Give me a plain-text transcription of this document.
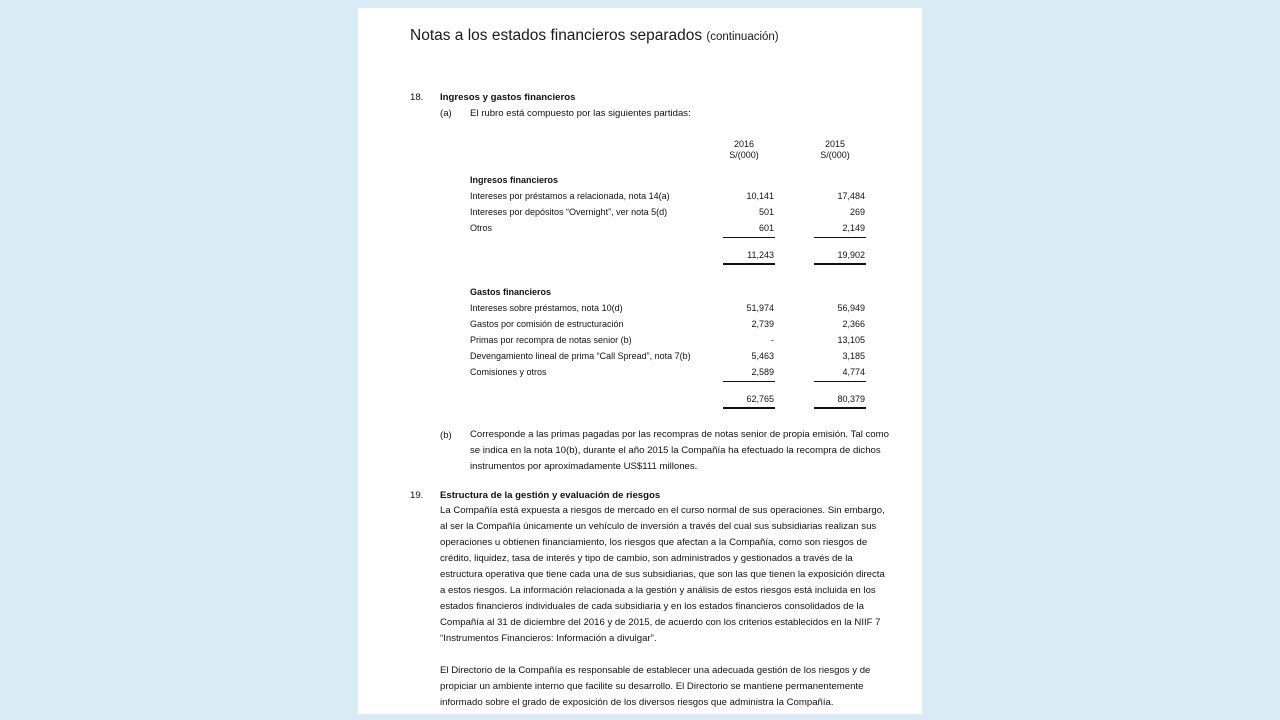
Notas a los estados financieros separados (continuación)
18. Ingresos y gastos financieros
(a) El rubro está compuesto por las siguientes partidas:
2016
S/(000)
2015
S/(000)
Ingresos financieros
Intereses por préstamos a relacionada, nota 14(a)	10,141	17,484
Intereses por depósitos “Overnight”, ver nota 5(d)	501	269
Otros	601	2,149
11,243	19,902
Gastos financieros
Intereses sobre préstamos, nota 10(d)	51,974	56,949
Gastos por comisión de estructuración	2,739	2,366
Primas por recompra de notas senior (b)	-	13,105
Devengamiento lineal de prima “Call Spread”, nota 7(b)	5,463	3,185
Comisiones y otros	2,589	4,774
62,765	80,379
(b) Corresponde a las primas pagadas por las recompras de notas senior de propia emisión. Tal como
se indica en la nota 10(b), durante el año 2015 la Compañía ha efectuado la recompra de dichos
instrumentos por aproximadamente US$111 millones.
19. Estructura de la gestión y evaluación de riesgos
La Compañía está expuesta a riesgos de mercado en el curso normal de sus operaciones. Sin embargo,
al ser la Compañía únicamente un vehículo de inversión a través del cual sus subsidiarias realizan sus
operaciones u obtienen financiamiento, los riesgos que afectan a la Compañía, como son riesgos de
crédito, liquidez, tasa de interés y tipo de cambio, son administrados y gestionados a través de la
estructura operativa que tiene cada una de sus subsidiarias, que son las que tienen la exposición directa
a estos riesgos. La información relacionada a la gestión y análisis de estos riesgos está incluida en los
estados financieros individuales de cada subsidiaria y en los estados financieros consolidados de la
Compañía al 31 de diciembre del 2016 y de 2015, de acuerdo con los criterios establecidos en la NIIF 7
“Instrumentos Financieros: Información a divulgar”.
El Directorio de la Compañía es responsable de establecer una adecuada gestión de los riesgos y de
propiciar un ambiente interno que facilite su desarrollo. El Directorio se mantiene permanentemente
informado sobre el grado de exposición de los diversos riesgos que administra la Compañía.
